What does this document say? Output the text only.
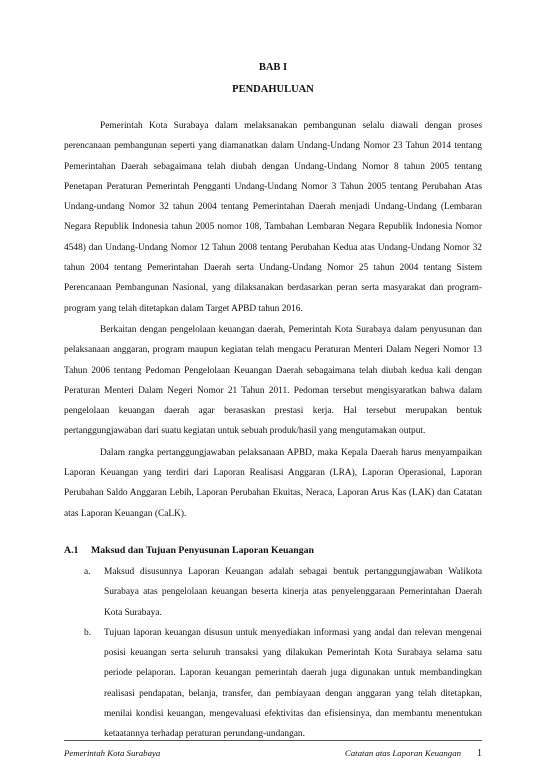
BAB I
PENDAHULUAN

Pemerintah Kota Surabaya dalam melaksanakan pembangunan selalu diawali dengan proses perencanaan pembangunan seperti yang diamanatkan dalam Undang-Undang Nomor 23 Tahun 2014 tentang Pemerintahan Daerah sebagaimana telah diubah dengan Undang-Undang Nomor 8 tahun 2005 tentang Penetapan Peraturan Pemerintah Pengganti Undang-Undang Nomor 3 Tahun 2005 tentang Perubahan Atas Undang-undang Nomor 32 tahun 2004 tentang Pemerintahan Daerah menjadi Undang-Undang (Lembaran Negara Republik Indonesia tahun 2005 nomor 108, Tambahan Lembaran Negara Republik Indonesia Nomor 4548) dan Undang-Undang Nomor 12 Tahun 2008 tentang Perubahan Kedua atas Undang-Undang Nomor 32 tahun 2004 tentang Pemerintahan Daerah serta Undang-Undang Nomor 25 tahun 2004 tentang Sistem Perencanaan Pembangunan Nasional, yang dilaksanakan berdasarkan peran serta masyarakat dan program-program yang telah ditetapkan dalam Target APBD tahun 2016.

Berkaitan dengan pengelolaan keuangan daerah, Pemerintah Kota Surabaya dalam penyusunan dan pelaksanaan anggaran, program maupun kegiatan telah mengacu Peraturan Menteri Dalam Negeri Nomor 13 Tahun 2006 tentang Pedoman Pengelolaan Keuangan Daerah sebagaimana telah diubah kedua kali dengan Peraturan Menteri Dalam Negeri Nomor 21 Tahun 2011. Pedoman tersebut mengisyaratkan bahwa dalam pengelolaan keuangan daerah agar berasaskan prestasi kerja. Hal tersebut merupakan bentuk pertanggungjawaban dari suatu kegiatan untuk sebuah produk/hasil yang mengutamakan output.

Dalam rangka pertanggungjawaban pelaksanaan APBD, maka Kepala Daerah harus menyampaikan Laporan Keuangan yang terdiri dari Laporan Realisasi Anggaran (LRA), Laporan Operasional, Laporan Perubahan Saldo Anggaran Lebih, Laporan Perubahan Ekuitas, Neraca, Laporan Arus Kas (LAK) dan Catatan atas Laporan Keuangan (CaLK).

A.1	Maksud dan Tujuan Penyusunan Laporan Keuangan
a.	Maksud disusunnya Laporan Keuangan adalah sebagai bentuk pertanggungjawaban Walikota Surabaya atas pengelolaan keuangan beserta kinerja atas penyelenggaraan Pemerintahan Daerah Kota Surabaya.
b.	Tujuan laporan keuangan disusun untuk menyediakan informasi yang andal dan relevan mengenai posisi keuangan serta seluruh transaksi yang dilakukan Pemerintah Kota Surabaya selama satu periode pelaporan. Laporan keuangan pemerintah daerah juga digunakan untuk membandingkan realisasi pendapatan, belanja, transfer, dan pembiayaan dengan anggaran yang telah ditetapkan, menilai kondisi keuangan, mengevaluasi efektivitas dan efisiensinya, dan membantu menentukan ketaatannya terhadap peraturan perundang-undangan.
Pemerintah Kota Surabaya	Catatan atas Laporan Keuangan 1
